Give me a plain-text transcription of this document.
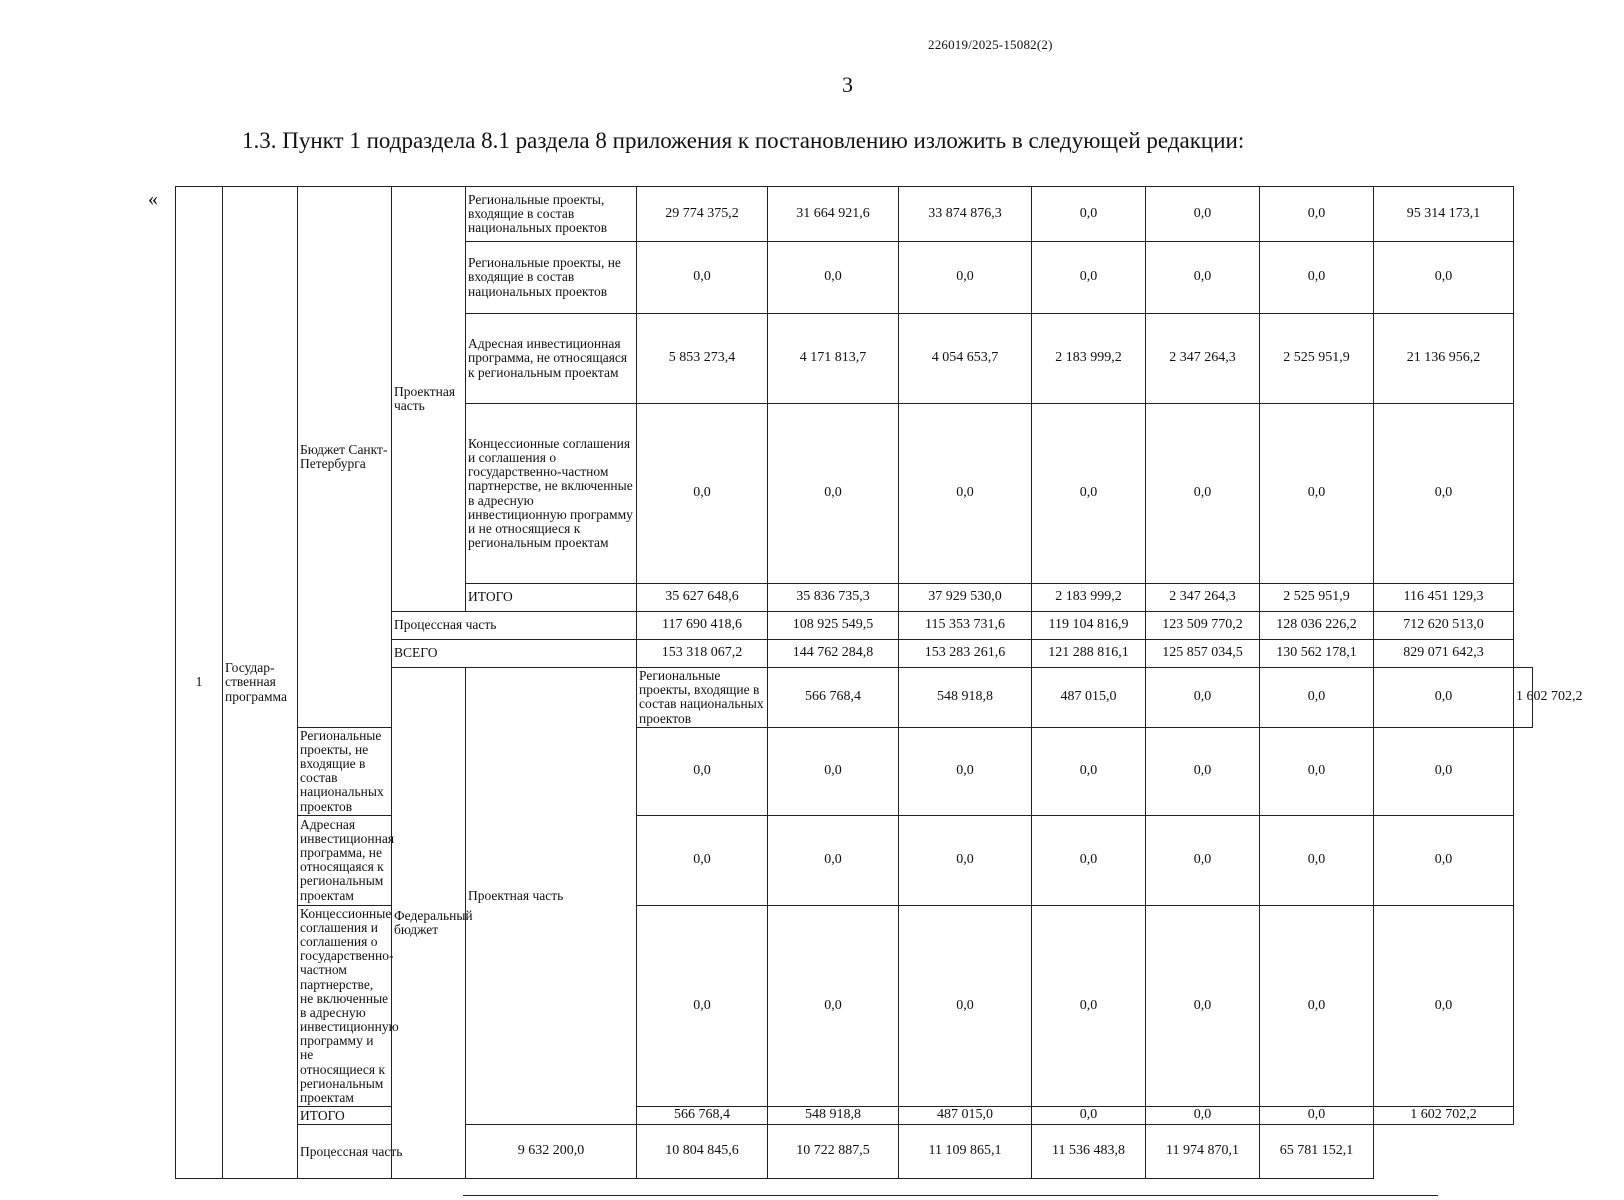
226019/2025-15082(2)
3
1.3. Пункт 1 подраздела 8.1 раздела 8 приложения к постановлению изложить в следующей редакции:
«
1	Государ-ственная программа	Бюджет Санкт-Петербурга	Проектная часть	Региональные проекты, входящие в состав национальных проектов	29 774 375,2	31 664 921,6	33 874 876,3	0,0	0,0	0,0	95 314 173,1	
				Региональные проекты, не входящие в состав национальных проектов	0,0	0,0	0,0	0,0	0,0	0,0	0,0	
				Адресная инвестиционная программа, не относящаяся к региональным проектам	5 853 273,4	4 171 813,7	4 054 653,7	2 183 999,2	2 347 264,3	2 525 951,9	21 136 956,2	
				Концессионные соглашения и соглашения о государственно-частном партнерстве, не включенные в адресную инвестиционную программу и не относящиеся к региональным проектам	0,0	0,0	0,0	0,0	0,0	0,0	0,0	
				ИТОГО	35 627 648,6	35 836 735,3	37 929 530,0	2 183 999,2	2 347 264,3	2 525 951,9	116 451 129,3	
			Процессная часть		117 690 418,6	108 925 549,5	115 353 731,6	119 104 816,9	123 509 770,2	128 036 226,2	712 620 513,0	
			ВСЕГО		153 318 067,2	144 762 284,8	153 283 261,6	121 288 816,1	125 857 034,5	130 562 178,1	829 071 642,3	
			Федеральный бюджет	Проектная часть	Региональные проекты, входящие в состав национальных проектов	566 768,4	548 918,8	487 015,0	0,0	0,0	0,0	1 602 702,2
		Региональные проекты, не входящие в состав национальных проектов			0,0	0,0	0,0	0,0	0,0	0,0	0,0	
		Адресная инвестиционная программа, не относящаяся к региональным проектам			0,0	0,0	0,0	0,0	0,0	0,0	0,0	
		Концессионные соглашения и соглашения о государственно-частном партнерстве, не включенные в адресную инвестиционную программу и не относящиеся к региональным проектам			0,0	0,0	0,0	0,0	0,0	0,0	0,0	
		ИТОГО			566 768,4	548 918,8	487 015,0	0,0	0,0	0,0	1 602 702,2	
		Процессная часть		9 632 200,0	10 804 845,6	10 722 887,5	11 109 865,1	11 536 483,8	11 974 870,1	65 781 152,1		
